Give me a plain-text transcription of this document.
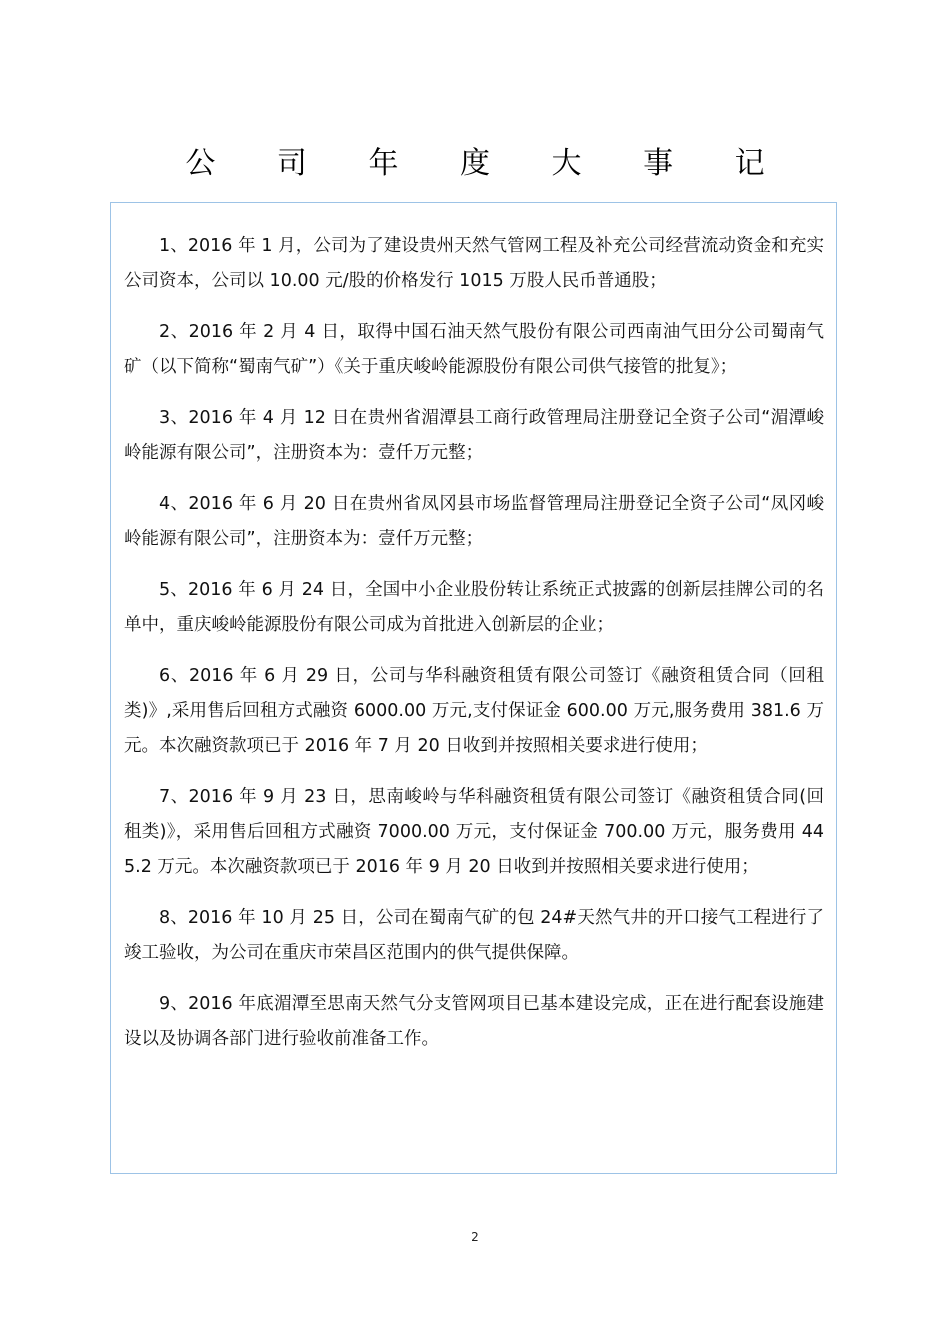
公 司 年 度 大 事 记

1、2016 年 1 月，公司为了建设贵州天然气管网工程及补充公司经营流动资金和充实公司资本，公司以 10.00 元/股的价格发行 1015 万股人民币普通股；

2、2016 年 2 月 4 日，取得中国石油天然气股份有限公司西南油气田分公司蜀南气矿（以下简称“蜀南气矿”）《关于重庆峻岭能源股份有限公司供气接管的批复》；

3、2016 年 4 月 12 日在贵州省湄潭县工商行政管理局注册登记全资子公司“湄潭峻岭能源有限公司”，注册资本为：壹仟万元整；

4、2016 年 6 月 20 日在贵州省凤冈县市场监督管理局注册登记全资子公司“凤冈峻岭能源有限公司”，注册资本为：壹仟万元整；

5、2016 年 6 月 24 日，全国中小企业股份转让系统正式披露的创新层挂牌公司的名单中，重庆峻岭能源股份有限公司成为首批进入创新层的企业；

6、2016 年 6 月 29 日，公司与华科融资租赁有限公司签订《融资租赁合同（回租类)》,采用售后回租方式融资 6000.00 万元,支付保证金 600.00 万元,服务费用 381.6 万元。本次融资款项已于 2016 年 7 月 20 日收到并按照相关要求进行使用；

7、2016 年 9 月 23 日，思南峻岭与华科融资租赁有限公司签订《融资租赁合同(回租类)》，采用售后回租方式融资 7000.00 万元，支付保证金 700.00 万元，服务费用 445.2 万元。本次融资款项已于 2016 年 9 月 20 日收到并按照相关要求进行使用；

8、2016 年 10 月 25 日，公司在蜀南气矿的包 24#天然气井的开口接气工程进行了竣工验收，为公司在重庆市荣昌区范围内的供气提供保障。

9、2016 年底湄潭至思南天然气分支管网项目已基本建设完成，正在进行配套设施建设以及协调各部门进行验收前准备工作。

2
